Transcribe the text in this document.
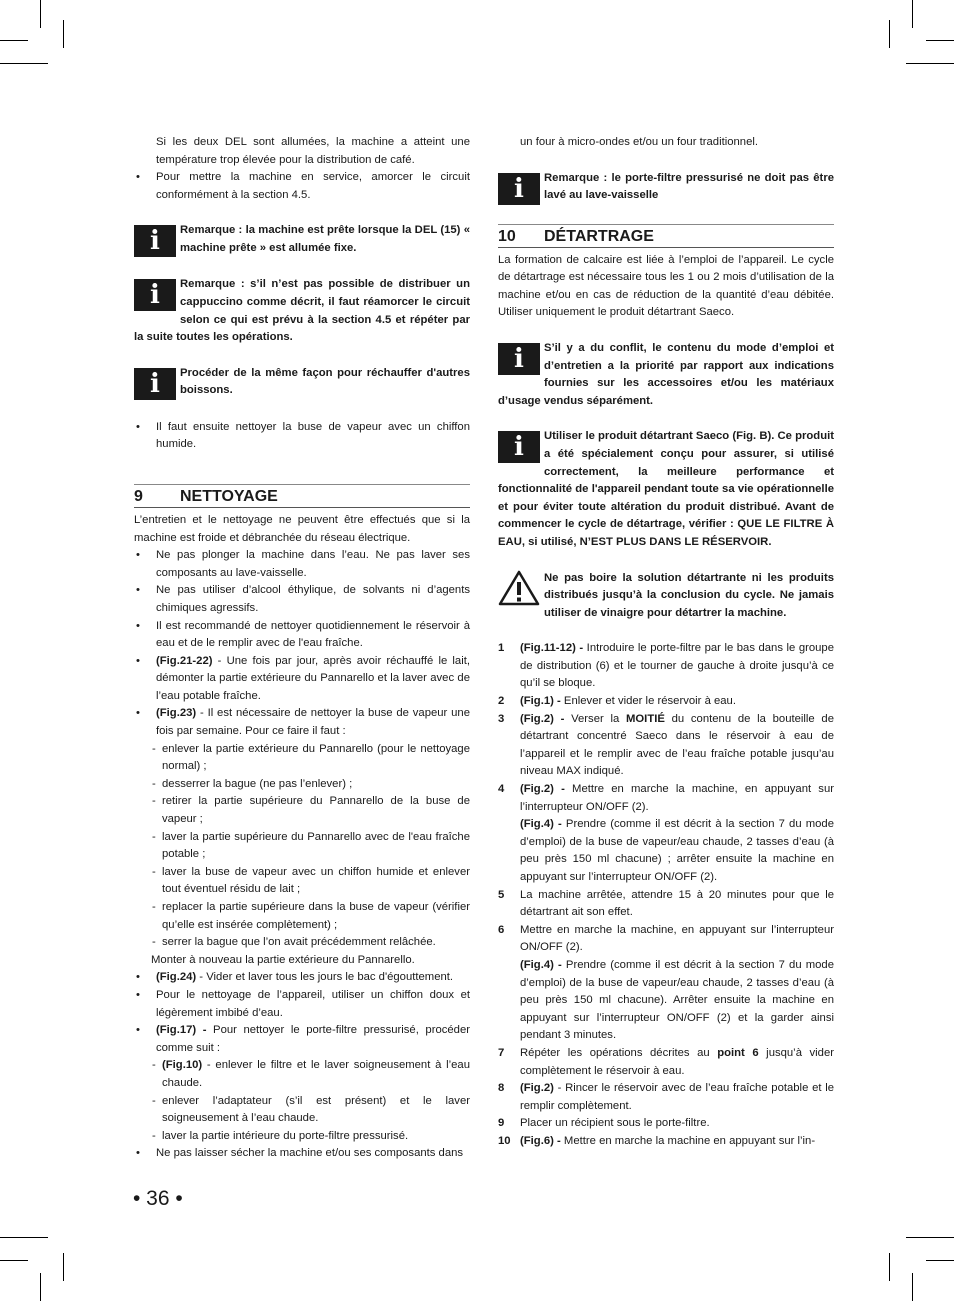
Si les deux DEL sont allumées, la machine a atteint une température trop élevée pour la distribution de café.

• Pour mettre la machine en service, amorcer le circuit conformément à la section 4.5.

i	Remarque : la machine est prête lorsque la DEL (15) « machine prête » est allumée fixe.
i	Remarque : s’il n’est pas possible de distribuer un cappuccino comme décrit, il faut réamorcer le circuit selon ce qui est prévu à la section 4.5 et répéter par la suite toutes les opérations.
i	Procéder de la même façon pour réchauffer d'autres boissons.

• Il faut ensuite nettoyer la buse de vapeur avec un chiffon humide.

9 NETTOYAGE

L’entretien et le nettoyage ne peuvent être effectués que si la machine est froide et débranchée du réseau électrique.

• Ne pas plonger la machine dans l’eau. Ne pas laver ses composants au lave-vaisselle.

• Ne pas utiliser d’alcool éthylique, de solvants ni d’agents chimiques agressifs.

• Il est recommandé de nettoyer quotidiennement le réservoir à eau et de le remplir avec de l'eau fraîche.

• (Fig.21-22) - Une fois par jour, après avoir réchauffé le lait, démonter la partie extérieure du Pannarello et la laver avec de l’eau potable fraîche.

• (Fig.23) - Il est nécessaire de nettoyer la buse de vapeur une fois par semaine. Pour ce faire il faut :

- enlever la partie extérieure du Pannarello (pour le nettoyage normal) ;

- desserrer la bague (ne pas l’enlever) ;

- retirer la partie supérieure du Pannarello de la buse de vapeur ;

- laver la partie supérieure du Pannarello avec de l'eau fraîche potable ;

- laver la buse de vapeur avec un chiffon humide et enlever tout éventuel résidu de lait ;

- replacer la partie supérieure dans la buse de vapeur (vérifier qu’elle est insérée complètement) ;

- serrer la bague que l’on avait précédemment relâchée.

Monter à nouveau la partie extérieure du Pannarello.

• (Fig.24) - Vider et laver tous les jours le bac d'égouttement.

• Pour le nettoyage de l’appareil, utiliser un chiffon doux et légèrement imbibé d’eau.

• (Fig.17) - Pour nettoyer le porte-filtre pressurisé, procéder comme suit :

- (Fig.10) - enlever le filtre et le laver soigneusement à l’eau chaude.

- enlever l’adaptateur (s’il est présent) et le laver soigneusement à l’eau chaude.

- laver la partie intérieure du porte-filtre pressurisé.

• Ne pas laisser sécher la machine et/ou ses composants dans

un four à micro-ondes et/ou un four traditionnel.

i	Remarque : le porte-filtre pressurisé ne doit pas être lavé au lave-vaisselle
10 DÉTARTRAGE

La formation de calcaire est liée à l’emploi de l’appareil. Le cycle de détartrage est nécessaire tous les 1 ou 2 mois d’utilisation de la machine et/ou en cas de réduction de la quantité d’eau débitée. Utiliser uniquement le produit détartrant Saeco.

i	S’il y a du conflit, le contenu du mode d’emploi et d’entretien a la priorité par rapport aux indications fournies sur les accessoires et/ou les matériaux d’usage vendus séparément.
i	Utiliser le produit détartrant Saeco (Fig. B). Ce produit a été spécialement conçu pour assurer, si utilisé correctement, la meilleure performance et fonctionnalité de l'appareil pendant toute sa vie opérationnelle et pour éviter toute altération du produit distribué. Avant de commencer le cycle de détartrage, vérifier : QUE LE FILTRE À EAU, si utilisé, N’EST PLUS DANS LE RÉSERVOIR.
Ne pas boire la solution détartrante ni les produits distribués jusqu’à la conclusion du cycle. Ne jamais utiliser de vinaigre pour détartrer la machine.

1 (Fig.11-12) - Introduire le porte-filtre par le bas dans le groupe de distribution (6) et le tourner de gauche à droite jusqu’à ce qu’il se bloque.

2 (Fig.1) - Enlever et vider le réservoir à eau.

3 (Fig.2) - Verser la MOITIÉ du contenu de la bouteille de détartrant concentré Saeco dans le réservoir à eau de l’appareil et le remplir avec de l’eau fraîche potable jusqu’au niveau MAX indiqué.

4 (Fig.2) - Mettre en marche la machine, en appuyant sur l’interrupteur ON/OFF (2).
(Fig.4) - Prendre (comme il est décrit à la section 7 du mode d’emploi) de la buse de vapeur/eau chaude, 2 tasses d’eau (à peu près 150 ml chacune) ; arrêter ensuite la machine en appuyant sur l’interrupteur ON/OFF (2).

5 La machine arrêtée, attendre 15 à 20 minutes pour que le détartrant ait son effet.

6 Mettre en marche la machine, en appuyant sur l’interrupteur ON/OFF (2).
(Fig.4) - Prendre (comme il est décrit à la section 7 du mode d’emploi) de la buse de vapeur/eau chaude, 2 tasses d’eau (à peu près 150 ml chacune). Arrêter ensuite la machine en appuyant sur l’interrupteur ON/OFF (2) et la garder ainsi pendant 3 minutes.

7 Répéter les opérations décrites au point 6 jusqu’à vider complètement le réservoir à eau.

8 (Fig.2) - Rincer le réservoir avec de l’eau fraîche potable et le remplir complètement.

9 Placer un récipient sous le porte-filtre.

10 (Fig.6) - Mettre en marche la machine en appuyant sur l’in-

• 36 •
